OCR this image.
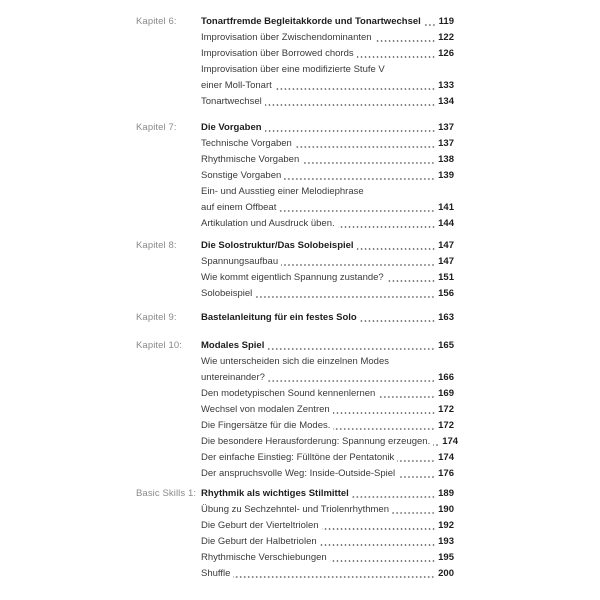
Kapitel 6:	Tonartfremde Begleitakkorde und Tonartwechsel 119
Improvisation über Zwischendominanten	122
Improvisation über Borrowed chords	126
Improvisation über eine modifizierte Stufe V
einer Moll-Tonart	133
Tonartwechsel	134
Kapitel 7:	Die Vorgaben	137
Technische Vorgaben	137
Rhythmische Vorgaben	138
Sonstige Vorgaben	139
Ein- und Ausstieg einer Melodiephrase
auf einem Offbeat	141
Artikulation und Ausdruck üben.	144
Kapitel 8:	Die Solostruktur/Das Solobeispiel	147
Spannungsaufbau	147
Wie kommt eigentlich Spannung zustande?	151
Solobeispiel	156
Kapitel 9:	Bastelanleitung für ein festes Solo	163
Kapitel 10: Modales Spiel	165
Wie unterscheiden sich die einzelnen Modes
untereinander?	166
Den modetypischen Sound kennenlernen	169
Wechsel von modalen Zentren	172
Die Fingersätze für die Modes.	172
Die besondere Herausforderung: Spannung erzeugen. 174
Der einfache Einstieg: Fülltöne der Pentatonik	174
Der anspruchsvolle Weg: Inside-Outside-Spiel	176
Basic Skills 1: Rhythmik als wichtiges Stilmittel	189
Übung zu Sechzehntel- und Triolenrhythmen	190
Die Geburt der Vierteltriolen	192
Die Geburt der Halbetriolen	193
Rhythmische Verschiebungen	195
Shuffle	200
